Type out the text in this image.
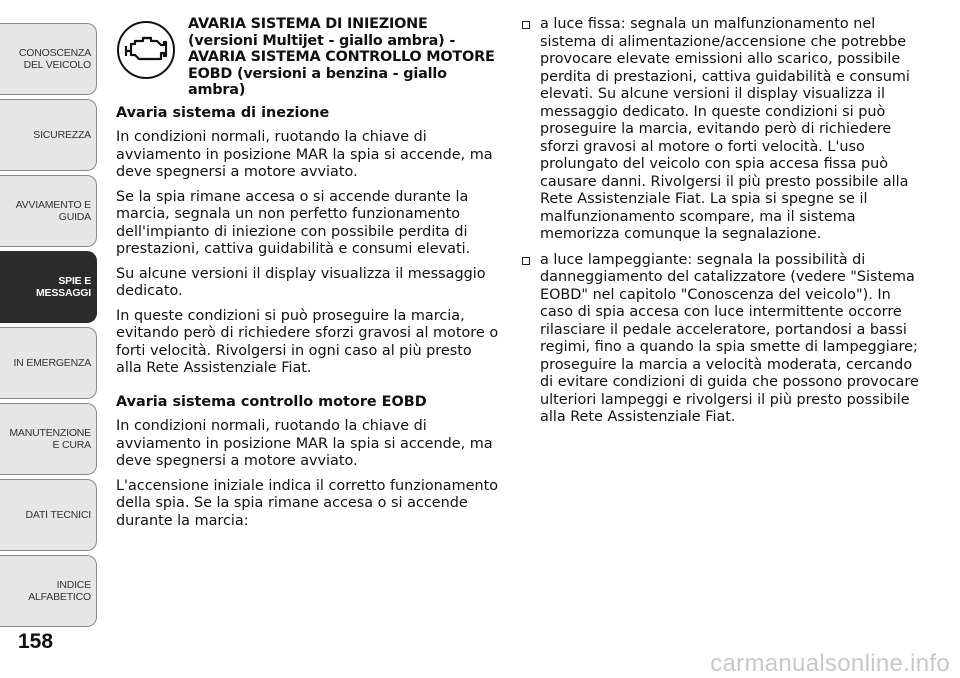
CONOSCENZA DEL VEICOLO
SICUREZZA
AVVIAMENTO E GUIDA
SPIE E MESSAGGI
IN EMERGENZA
MANUTENZIONE E CURA
DATI TECNICI
INDICE ALFABETICO
158
AVARIA SISTEMA DI INIEZIONE (versioni Multijet - giallo ambra) - AVARIA SISTEMA CONTROLLO MOTORE EOBD (versioni a benzina - giallo ambra)
Avaria sistema di inezione

In condizioni normali, ruotando la chiave di avviamento in posizione MAR la spia si accende, ma deve spegnersi a motore avviato.

Se la spia rimane accesa o si accende durante la marcia, segnala un non perfetto funzionamento dell'impianto di iniezione con possibile perdita di prestazioni, cattiva guidabilità e consumi elevati.

Su alcune versioni il display visualizza il messaggio dedicato.

In queste condizioni si può proseguire la marcia, evitando però di richiedere sforzi gravosi al motore o forti velocità. Rivolgersi in ogni caso al più presto alla Rete Assistenziale Fiat.

Avaria sistema controllo motore EOBD

In condizioni normali, ruotando la chiave di avviamento in posizione MAR la spia si accende, ma deve spegnersi a motore avviato.

L'accensione iniziale indica il corretto funzionamento della spia. Se la spia rimane accesa o si accende durante la marcia:

a luce fissa: segnala un malfunzionamento nel sistema di alimentazione/accensione che potrebbe provocare elevate emissioni allo scarico, possibile perdita di prestazioni, cattiva guidabilità e consumi elevati. Su alcune versioni il display visualizza il messaggio dedicato. In queste condizioni si può proseguire la marcia, evitando però di richiedere sforzi gravosi al motore o forti velocità. L'uso prolungato del veicolo con spia accesa fissa può causare danni. Rivolgersi il più presto possibile alla Rete Assistenziale Fiat. La spia si spegne se il malfunzionamento scompare, ma il sistema memorizza comunque la segnalazione.
a luce lampeggiante: segnala la possibilità di danneggiamento del catalizzatore (vedere "Sistema EOBD" nel capitolo "Conoscenza del veicolo"). In caso di spia accesa con luce intermittente occorre rilasciare il pedale acceleratore, portandosi a bassi regimi, fino a quando la spia smette di lampeggiare; proseguire la marcia a velocità moderata, cercando di evitare condizioni di guida che possono provocare ulteriori lampeggi e rivolgersi il più presto possibile alla Rete Assistenziale Fiat.
carmanualsonline.info
